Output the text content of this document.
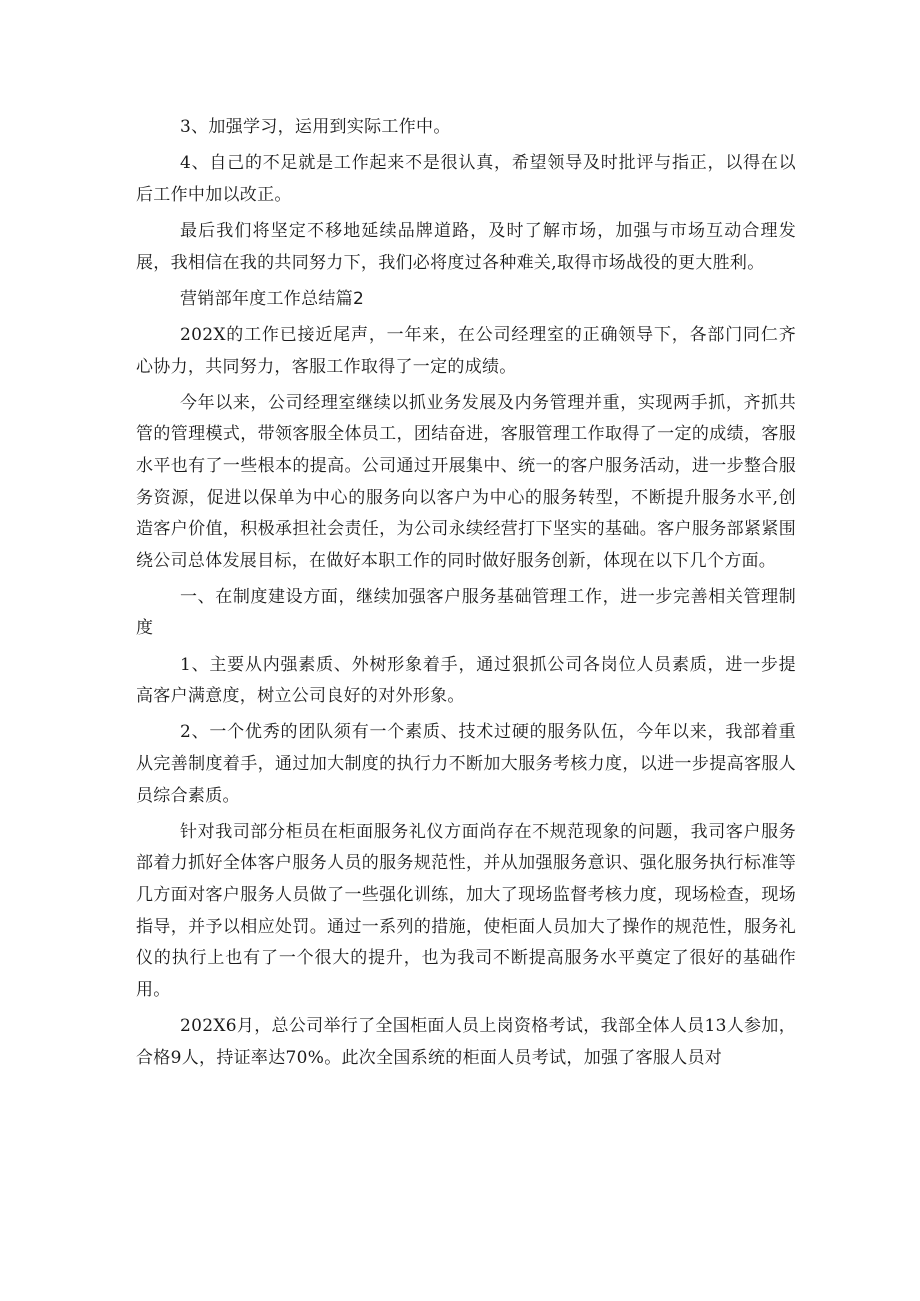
3、加强学习，运用到实际工作中。

4、自己的不足就是工作起来不是很认真，希望领导及时批评与指正，以得在以后工作中加以改正。

最后我们将坚定不移地延续品牌道路，及时了解市场，加强与市场互动合理发展，我相信在我的共同努力下，我们必将度过各种难关,取得市场战役的更大胜利。

营销部年度工作总结篇2

202X的工作已接近尾声，一年来，在公司经理室的正确领导下，各部门同仁齐心协力，共同努力，客服工作取得了一定的成绩。

今年以来，公司经理室继续以抓业务发展及内务管理并重，实现两手抓，齐抓共管的管理模式，带领客服全体员工，团结奋进，客服管理工作取得了一定的成绩，客服水平也有了一些根本的提高。公司通过开展集中、统一的客户服务活动，进一步整合服务资源，促进以保单为中心的服务向以客户为中心的服务转型，不断提升服务水平,创造客户价值，积极承担社会责任，为公司永续经营打下坚实的基础。客户服务部紧紧围绕公司总体发展目标，在做好本职工作的同时做好服务创新，体现在以下几个方面。

一、在制度建设方面，继续加强客户服务基础管理工作，进一步完善相关管理制度

1、主要从内强素质、外树形象着手，通过狠抓公司各岗位人员素质，进一步提高客户满意度，树立公司良好的对外形象。

2、一个优秀的团队须有一个素质、技术过硬的服务队伍，今年以来，我部着重从完善制度着手，通过加大制度的执行力不断加大服务考核力度，以进一步提高客服人员综合素质。

针对我司部分柜员在柜面服务礼仪方面尚存在不规范现象的问题，我司客户服务部着力抓好全体客户服务人员的服务规范性，并从加强服务意识、强化服务执行标准等几方面对客户服务人员做了一些强化训练，加大了现场监督考核力度，现场检查，现场指导，并予以相应处罚。通过一系列的措施，使柜面人员加大了操作的规范性，服务礼仪的执行上也有了一个很大的提升，也为我司不断提高服务水平奠定了很好的基础作用。

202X6月，总公司举行了全国柜面人员上岗资格考试，我部全体人员13人参加，合格9人，持证率达70%。此次全国系统的柜面人员考试，加强了客服人员对
